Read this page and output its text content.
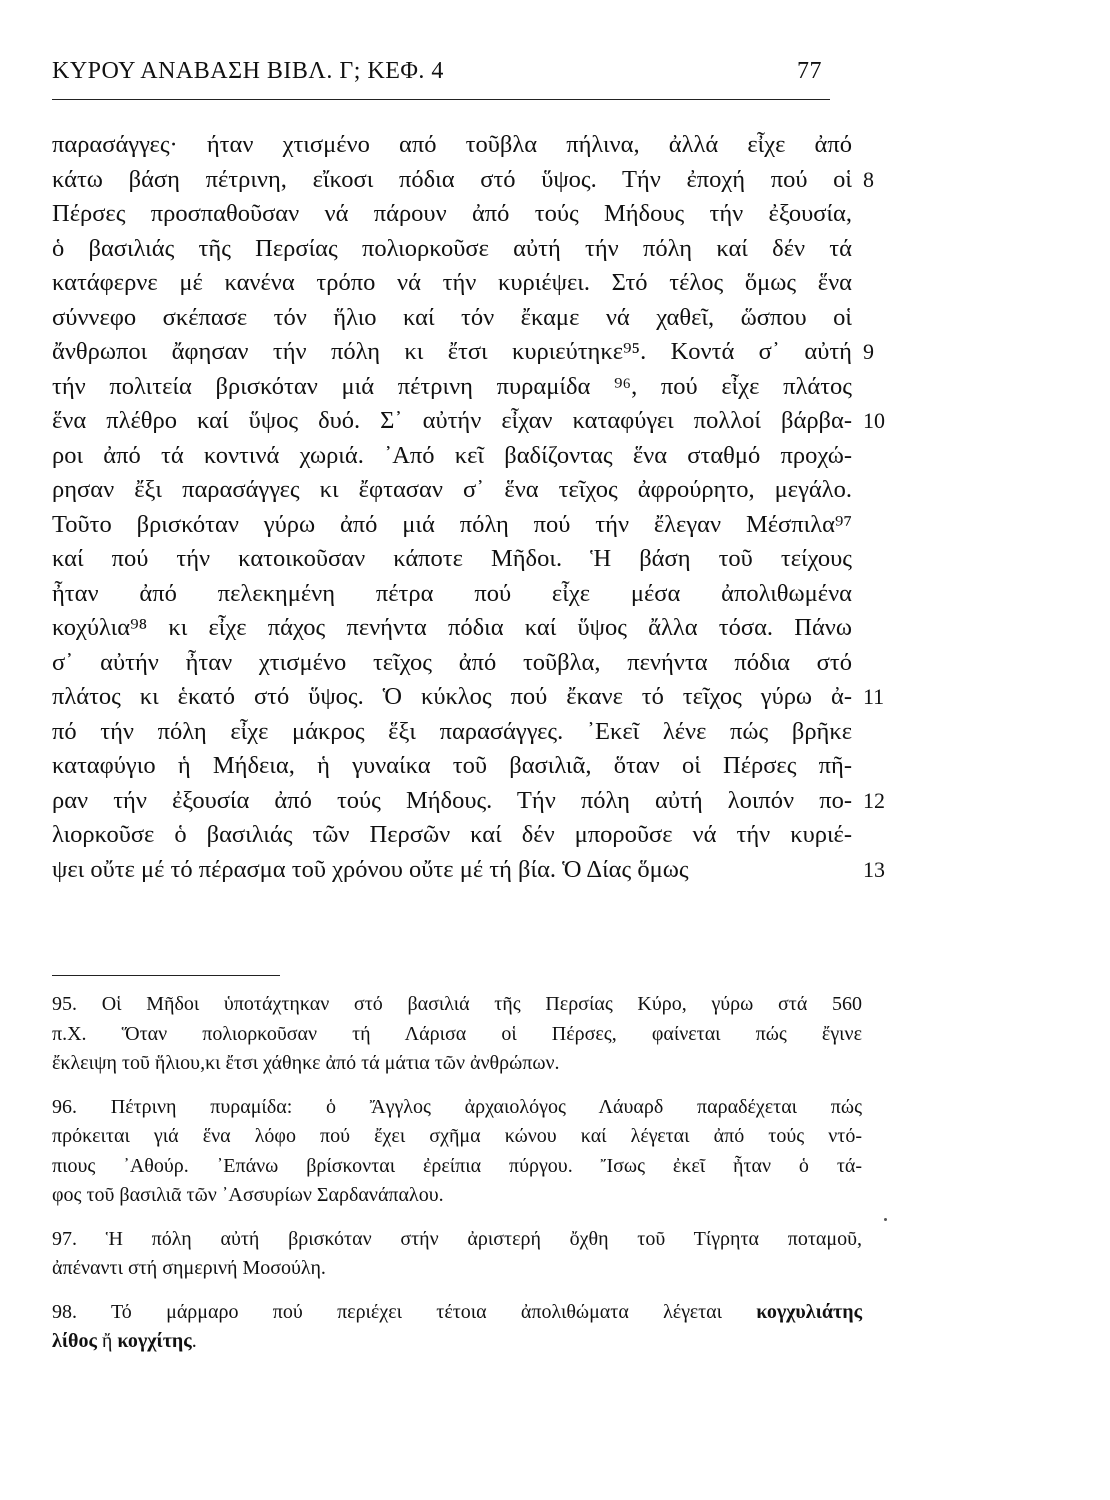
ΚΥΡΟΥ ΑΝΑΒΑΣΗ ΒΙΒΛ. Γ; ΚΕΦ. 4	77
παρασάγγες· ήταν χτισμένο από τοῦβλα πήλινα, ἀλλά εἶχε ἀπό
κάτω βάση πέτρινη, εἴκοσι πόδια στό ὕψος. Τήν ἐποχή πού οἱ
Πέρσες προσπαθοῦσαν νά πάρουν ἀπό τούς Μήδους τήν ἐξουσία,
ὁ βασιλιάς τῆς Περσίας πολιορκοῦσε αὐτή τήν πόλη καί δέν τά
κατάφερνε μέ κανένα τρόπο νά τήν κυριέψει. Στό τέλος ὅμως ἕνα
σύννεφο σκέπασε τόν ἥλιο καί τόν ἔκαμε νά χαθεῖ, ὥσπου οἱ
ἄνθρωποι ἄφησαν τήν πόλη κι ἔτσι κυριεύτηκε⁹⁵. Κοντά σ᾽ αὐτή
τήν πολιτεία βρισκόταν μιά πέτρινη πυραμίδα ⁹⁶, πού εἶχε πλάτος
ἕνα πλέθρο καί ὕψος δυό. Σ᾽ αὐτήν εἶχαν καταφύγει πολλοί βάρβα-
ροι ἀπό τά κοντινά χωριά. ᾽Από κεῖ βαδίζοντας ἕνα σταθμό προχώ-
ρησαν ἔξι παρασάγγες κι ἔφτασαν σ᾽ ἕνα τεῖχος ἀφρούρητο, μεγάλο.
Τοῦτο βρισκόταν γύρω ἀπό μιά πόλη πού τήν ἔλεγαν Μέσπιλα⁹⁷
καί πού τήν κατοικοῦσαν κάποτε Μῆδοι. Ἡ βάση τοῦ τείχους
ἦταν ἀπό πελεκημένη πέτρα πού εἶχε μέσα ἀπολιθωμένα
κοχύλια⁹⁸ κι εἶχε πάχος πενήντα πόδια καί ὕψος ἄλλα τόσα. Πάνω
σ᾽ αὐτήν ἦταν χτισμένο τεῖχος ἀπό τοῦβλα, πενήντα πόδια στό
πλάτος κι ἑκατό στό ὕψος. Ὁ κύκλος πού ἔκανε τό τεῖχος γύρω ἀ-
πό τήν πόλη εἶχε μάκρος ἕξι παρασάγγες. ᾽Εκεῖ λένε πώς βρῆκε
καταφύγιο ἡ Μήδεια, ἡ γυναίκα τοῦ βασιλιᾶ, ὅταν οἱ Πέρσες πῆ-
ραν τήν ἐξουσία ἀπό τούς Μήδους. Τήν πόλη αὐτή λοιπόν πο-
λιορκοῦσε ὁ βασιλιάς τῶν Περσῶν καί δέν μποροῦσε νά τήν κυριέ-
ψει οὔτε μέ τό πέρασμα τοῦ χρόνου οὔτε μέ τή βία. Ὁ Δίας ὅμως
8
9
10
11
12
13
95. Οἱ Μῆδοι ὑποτάχτηκαν στό βασιλιά τῆς Περσίας Κύρο, γύρω στά 560
π.Χ. Ὅταν πολιορκοῦσαν τή Λάρισα οἱ Πέρσες, φαίνεται πώς ἔγινε
ἔκλειψη τοῦ ἥλιου,κι ἔτσι χάθηκε ἀπό τά μάτια τῶν ἀνθρώπων.
96. Πέτρινη πυραμίδα: ὁ Ἄγγλος ἀρχαιολόγος Λάυαρδ παραδέχεται πώς
πρόκειται γιά ἕνα λόφο πού ἔχει σχῆμα κώνου καί λέγεται ἀπό τούς ντό-
πιους ᾽Αθούρ. ᾽Επάνω βρίσκονται ἐρείπια πύργου. Ἴσως ἐκεῖ ἦταν ὁ τά-
φος τοῦ βασιλιᾶ τῶν ᾽Ασσυρίων Σαρδανάπαλου.
97. Ἡ πόλη αὐτή βρισκόταν στήν ἀριστερή ὄχθη τοῦ Τίγρητα ποταμοῦ,
ἀπέναντι στή σημερινή Μοσούλη.
98. Τό μάρμαρο πού περιέχει τέτοια ἀπολιθώματα λέγεται κογχυλιάτης
λίθος ἤ κογχίτης.
